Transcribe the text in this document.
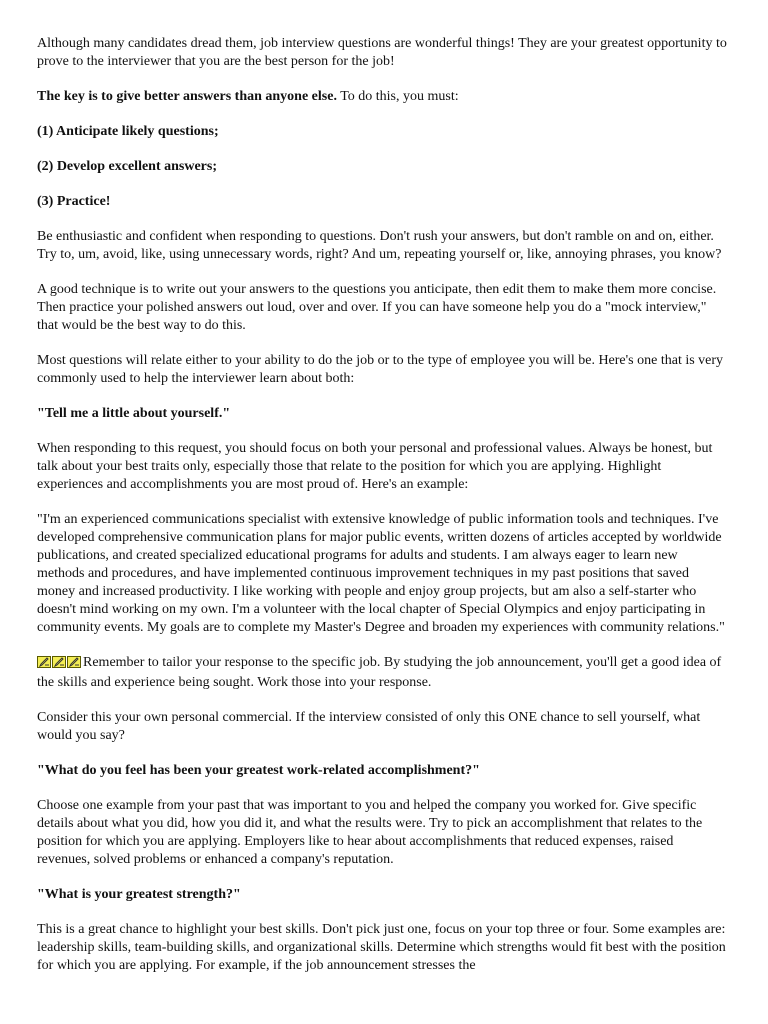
Although many candidates dread them, job interview questions are wonderful things! They are your greatest opportunity to prove to the interviewer that you are the best person for the job!

The key is to give better answers than anyone else. To do this, you must:

(1) Anticipate likely questions;

(2) Develop excellent answers;

(3) Practice!

Be enthusiastic and confident when responding to questions. Don't rush your answers, but don't ramble on and on, either. Try to, um, avoid, like, using unnecessary words, right? And um, repeating yourself or, like, annoying phrases, you know?

A good technique is to write out your answers to the questions you anticipate, then edit them to make them more concise. Then practice your polished answers out loud, over and over. If you can have someone help you do a "mock interview," that would be the best way to do this.

Most questions will relate either to your ability to do the job or to the type of employee you will be. Here's one that is very commonly used to help the interviewer learn about both:

"Tell me a little about yourself."

When responding to this request, you should focus on both your personal and professional values. Always be honest, but talk about your best traits only, especially those that relate to the position for which you are applying. Highlight experiences and accomplishments you are most proud of. Here's an example:

"I'm an experienced communications specialist with extensive knowledge of public information tools and techniques. I've developed comprehensive communication plans for major public events, written dozens of articles accepted by worldwide publications, and created specialized educational programs for adults and students. I am always eager to learn new methods and procedures, and have implemented continuous improvement techniques in my past positions that saved money and increased productivity. I like working with people and enjoy group projects, but am also a self-starter who doesn't mind working on my own. I'm a volunteer with the local chapter of Special Olympics and enjoy participating in community events. My goals are to complete my Master's Degree and broaden my experiences with community relations."

Remember to tailor your response to the specific job. By studying the job announcement, you'll get a good idea of the skills and experience being sought. Work those into your response.

Consider this your own personal commercial. If the interview consisted of only this ONE chance to sell yourself, what would you say?

"What do you feel has been your greatest work-related accomplishment?"

Choose one example from your past that was important to you and helped the company you worked for. Give specific details about what you did, how you did it, and what the results were. Try to pick an accomplishment that relates to the position for which you are applying. Employers like to hear about accomplishments that reduced expenses, raised revenues, solved problems or enhanced a company's reputation.

"What is your greatest strength?"

This is a great chance to highlight your best skills. Don't pick just one, focus on your top three or four. Some examples are: leadership skills, team-building skills, and organizational skills. Determine which strengths would fit best with the position for which you are applying. For example, if the job announcement stresses the
